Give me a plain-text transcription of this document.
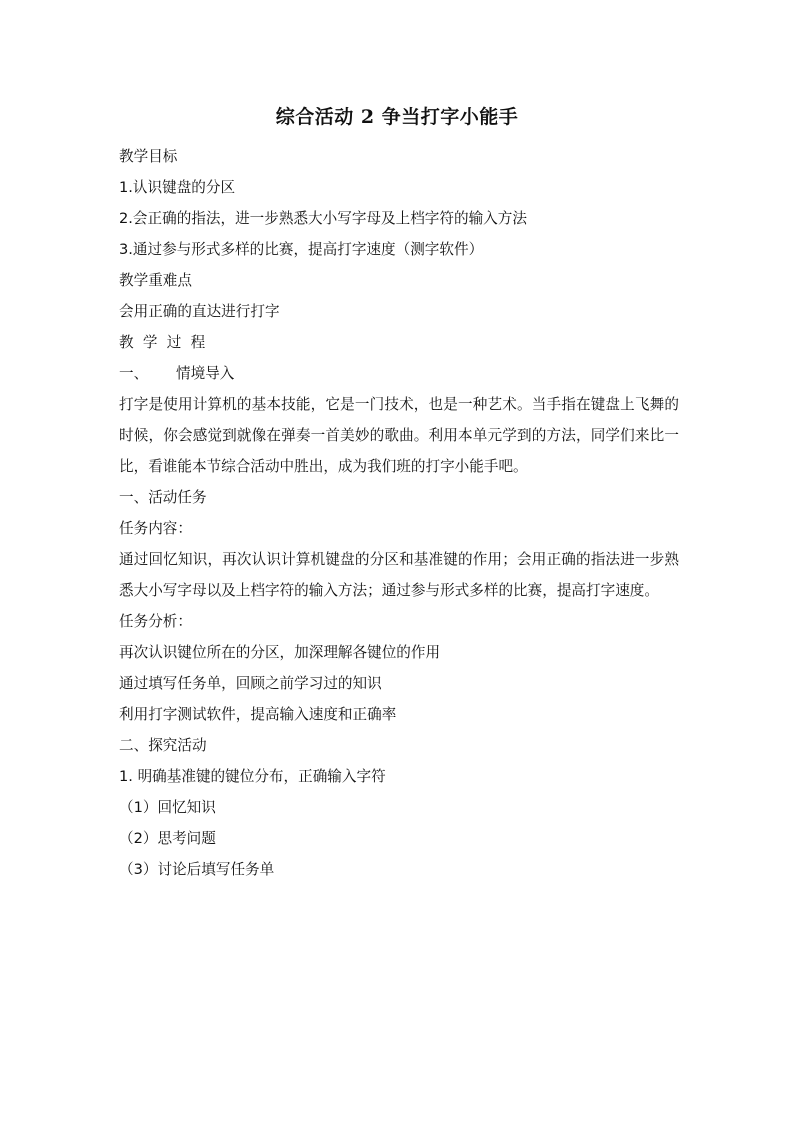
综合活动 2 争当打字小能手
教学目标
1.认识键盘的分区
2.会正确的指法，进一步熟悉大小写字母及上档字符的输入方法
3.通过参与形式多样的比赛，提高打字速度（测字软件）
教学重难点
会用正确的直达进行打字
教  学  过  程
一、      情境导入

打字是使用计算机的基本技能，它是一门技术，也是一种艺术。当手指在键盘上飞舞的时候，你会感觉到就像在弹奏一首美妙的歌曲。利用本单元学到的方法，同学们来比一比，看谁能本节综合活动中胜出，成为我们班的打字小能手吧。

一、活动任务
任务内容：

通过回忆知识，再次认识计算机键盘的分区和基准键的作用；会用正确的指法进一步熟悉大小写字母以及上档字符的输入方法；通过参与形式多样的比赛，提高打字速度。

任务分析：
再次认识键位所在的分区，加深理解各键位的作用
通过填写任务单，回顾之前学习过的知识
利用打字测试软件，提高输入速度和正确率
二、探究活动
1. 明确基准键的键位分布，正确输入字符
（1）回忆知识
（2）思考问题
（3）讨论后填写任务单
